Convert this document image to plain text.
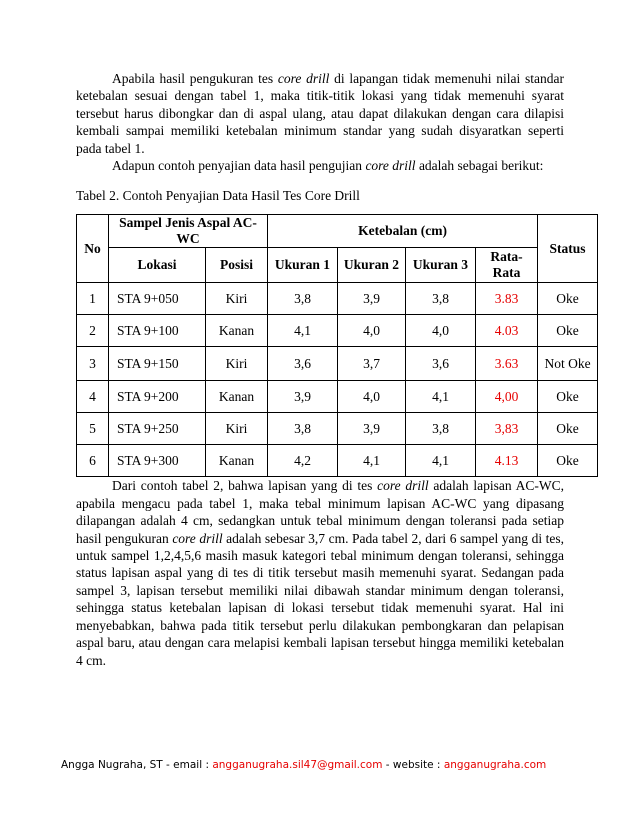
Apabila hasil pengukuran tes core drill di lapangan tidak memenuhi nilai standar ketebalan sesuai dengan tabel 1, maka titik-titik lokasi yang tidak memenuhi syarat tersebut harus dibongkar dan di aspal ulang, atau dapat dilakukan dengan cara dilapisi kembali sampai memiliki ketebalan minimum standar yang sudah disyaratkan seperti pada tabel 1.

Adapun contoh penyajian data hasil pengujian core drill adalah sebagai berikut:

Tabel 2. Contoh Penyajian Data Hasil Tes Core Drill
No	Sampel Jenis Aspal AC-WC		Ketebalan (cm)				Status
	Lokasi	Posisi	Ukuran 1	Ukuran 2	Ukuran 3	Rata-Rata	
1	STA 9+050	Kiri	3,8	3,9	3,8	3.83	Oke
2	STA 9+100	Kanan	4,1	4,0	4,0	4.03	Oke
3	STA 9+150	Kiri	3,6	3,7	3,6	3.63	Not Oke
4	STA 9+200	Kanan	3,9	4,0	4,1	4,00	Oke
5	STA 9+250	Kiri	3,8	3,9	3,8	3,83	Oke
6	STA 9+300	Kanan	4,2	4,1	4,1	4.13	Oke

Dari contoh tabel 2, bahwa lapisan yang di tes core drill adalah lapisan AC-WC, apabila mengacu pada tabel 1, maka tebal minimum lapisan AC-WC yang dipasang dilapangan adalah 4 cm, sedangkan untuk tebal minimum dengan toleransi pada setiap hasil pengukuran core drill adalah sebesar 3,7 cm. Pada tabel 2, dari 6 sampel yang di tes, untuk sampel 1,2,4,5,6 masih masuk kategori tebal minimum dengan toleransi, sehingga status lapisan aspal yang di tes di titik tersebut masih memenuhi syarat. Sedangan pada sampel 3, lapisan tersebut memiliki nilai dibawah standar minimum dengan toleransi, sehingga status ketebalan lapisan di lokasi tersebut tidak memenuhi syarat. Hal ini menyebabkan, bahwa pada titik tersebut perlu dilakukan pembongkaran dan pelapisan aspal baru, atau dengan cara melapisi kembali lapisan tersebut hingga memiliki ketebalan 4 cm.

Angga Nugraha, ST - email : angganugraha.sil47@gmail.com - website : angganugraha.com
